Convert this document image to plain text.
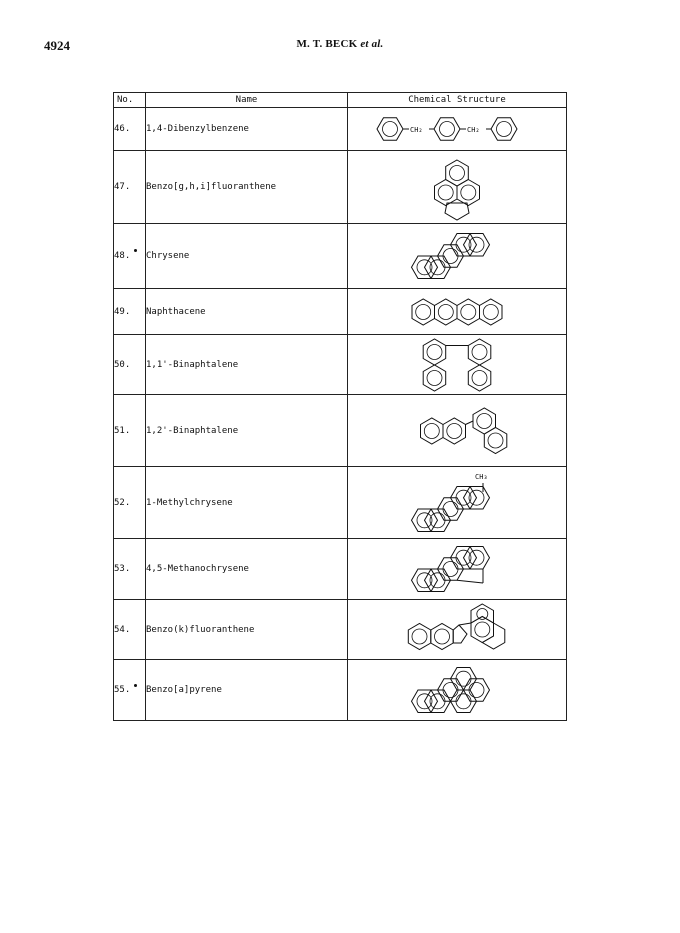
4924	M. T. BECK et al.
No.	Name	Chemical Structure
46.	1,4-Dibenzylbenzene	CH₂ CH₂

47.	Benzo[g,h,i]fluoranthene	

48.	Chrysene	

49.	Naphthacene	

50.	1,1'-Binaphtalene	

51.	1,2'-Binaphtalene	

52.	1-Methylchrysene	CH₃

53.	4,5-Methanochrysene	

54.	Benzo(k)fluoranthene	

55.	Benzo[a]pyrene	
